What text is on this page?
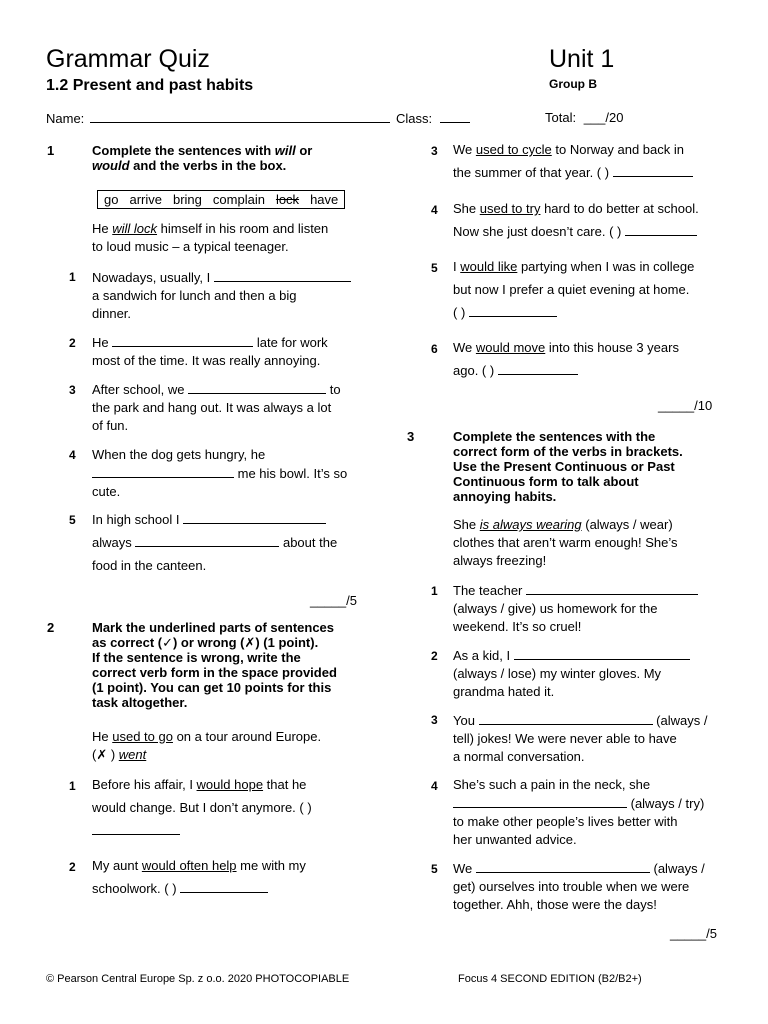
Grammar Quiz
1.2 Present and past habits
Unit 1
Group B
Name:	Class:	Total: ___/20
1	Complete the sentences with will or
would and the verbs in the box.
go arrive bring complain lock have
He will lock himself in his room and listen
to loud music – a typical teenager.
1 Nowadays, usually, I
a sandwich for lunch and then a big
dinner.
2 He	late for work
most of the time. It was really annoying.
3 After school, we	to
the park and hang out. It was always a lot
of fun.
4 When the dog gets hungry, he
me his bowl. It’s so
cute.
5 In high school I
always	about the
food in the canteen.
_____/5
2	Mark the underlined parts of sentences
as correct (✓) or wrong (✗) (1 point).
If the sentence is wrong, write the
correct verb form in the space provided
(1 point). You can get 10 points for this
task altogether.
He used to go on a tour around Europe.
(✗ ) went
1 Before his affair, I would hope that he
would change. But I don’t anymore. ( )

2 My aunt would often help me with my
schoolwork. ( )
3 We used to cycle to Norway and back in
the summer of that year. ( )
4 She used to try hard to do better at school.
Now she just doesn’t care. ( )
5 I would like partying when I was in college
but now I prefer a quiet evening at home.
( )
6 We would move into this house 3 years
ago. ( )
_____/10
3	Complete the sentences with the
correct form of the verbs in brackets.
Use the Present Continuous or Past
Continuous form to talk about
annoying habits.
She is always wearing (always / wear)
clothes that aren’t warm enough! She’s
always freezing!
1 The teacher
(always / give) us homework for the
weekend. It’s so cruel!
2 As a kid, I
(always / lose) my winter gloves. My
grandma hated it.
3 You	(always /
tell) jokes! We were never able to have
a normal conversation.
4 She’s such a pain in the neck, she
(always / try)
to make other people’s lives better with
her unwanted advice.
5 We	(always /
get) ourselves into trouble when we were
together. Ahh, those were the days!
_____/5
© Pearson Central Europe Sp. z o.o. 2020 PHOTOCOPIABLE	Focus 4 SECOND EDITION (B2/B2+)
